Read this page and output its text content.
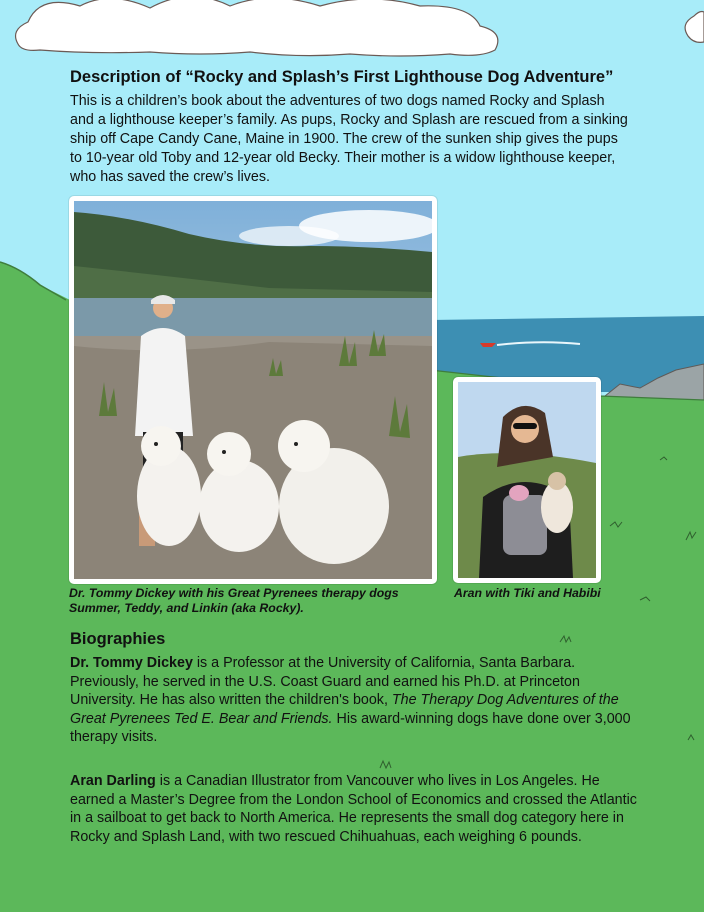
Description of “Rocky and Splash’s First Lighthouse Dog Adventure”

This is a children’s book about the adventures of two dogs named Rocky and Splash and a lighthouse keeper’s family. As pups, Rocky and Splash are rescued from a sinking ship off Cape Candy Cane, Maine in 1900. The crew of the sunken ship gives the pups to 10-year old Toby and 12-year old Becky. Their mother is a widow lighthouse keeper, who has saved the crew’s lives.

Dr. Tommy Dickey with his Great Pyrenees therapy dogs Summer, Teddy, and Linkin (aka Rocky).

Aran with Tiki and Habibi

Biographies

Dr. Tommy Dickey is a Professor at the University of California, Santa Barbara. Previously, he served in the U.S. Coast Guard and earned his Ph.D. at Princeton University. He has also written the children's book, The Therapy Dog Adventures of the Great Pyrenees Ted E. Bear and Friends. His award-winning dogs have done over 3,000 therapy visits.

Aran Darling is a Canadian Illustrator from Vancouver who lives in Los Angeles. He earned a Master’s Degree from the London School of Economics and crossed the Atlantic in a sailboat to get back to North America. He represents the small dog category here in Rocky and Splash Land, with two rescued Chihuahuas, each weighing 6 pounds.
